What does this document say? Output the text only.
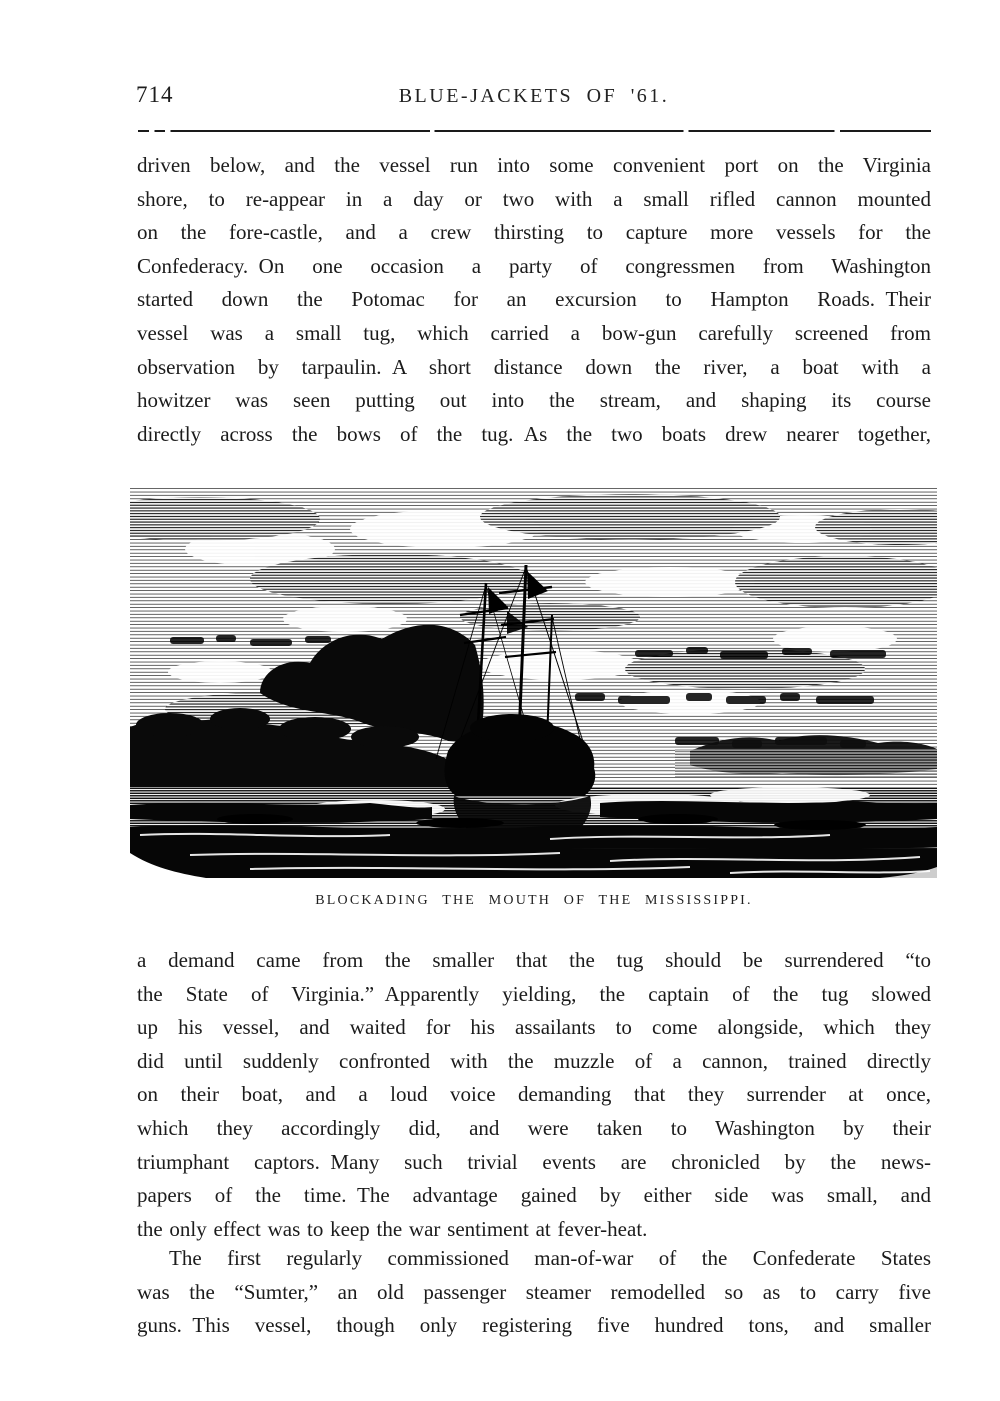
714	BLUE-JACKETS OF '61.
driven below, and the vessel run into some convenient port on the Virginia
shore, to re-appear in a day or two with a small rifled cannon mounted
on the fore-castle, and a crew thirsting to capture more vessels for the
Confederacy. On one occasion a party of congressmen from Washington
started down the Potomac for an excursion to Hampton Roads. Their
vessel was a small tug, which carried a bow-gun carefully screened from
observation by tarpaulin. A short distance down the river, a boat with a
howitzer was seen putting out into the stream, and shaping its course
directly across the bows of the tug. As the two boats drew nearer together,
BLOCKADING THE MOUTH OF THE MISSISSIPPI.
a demand came from the smaller that the tug should be surrendered “to
the State of Virginia.” Apparently yielding, the captain of the tug slowed
up his vessel, and waited for his assailants to come alongside, which they
did until suddenly confronted with the muzzle of a cannon, trained directly
on their boat, and a loud voice demanding that they surrender at once,
which they accordingly did, and were taken to Washington by their
triumphant captors. Many such trivial events are chronicled by the news-
papers of the time. The advantage gained by either side was small, and
the only effect was to keep the war sentiment at fever-heat.
The first regularly commissioned man-of-war of the Confederate States
was the “Sumter,” an old passenger steamer remodelled so as to carry five
guns. This vessel, though only registering five hundred tons, and smaller
